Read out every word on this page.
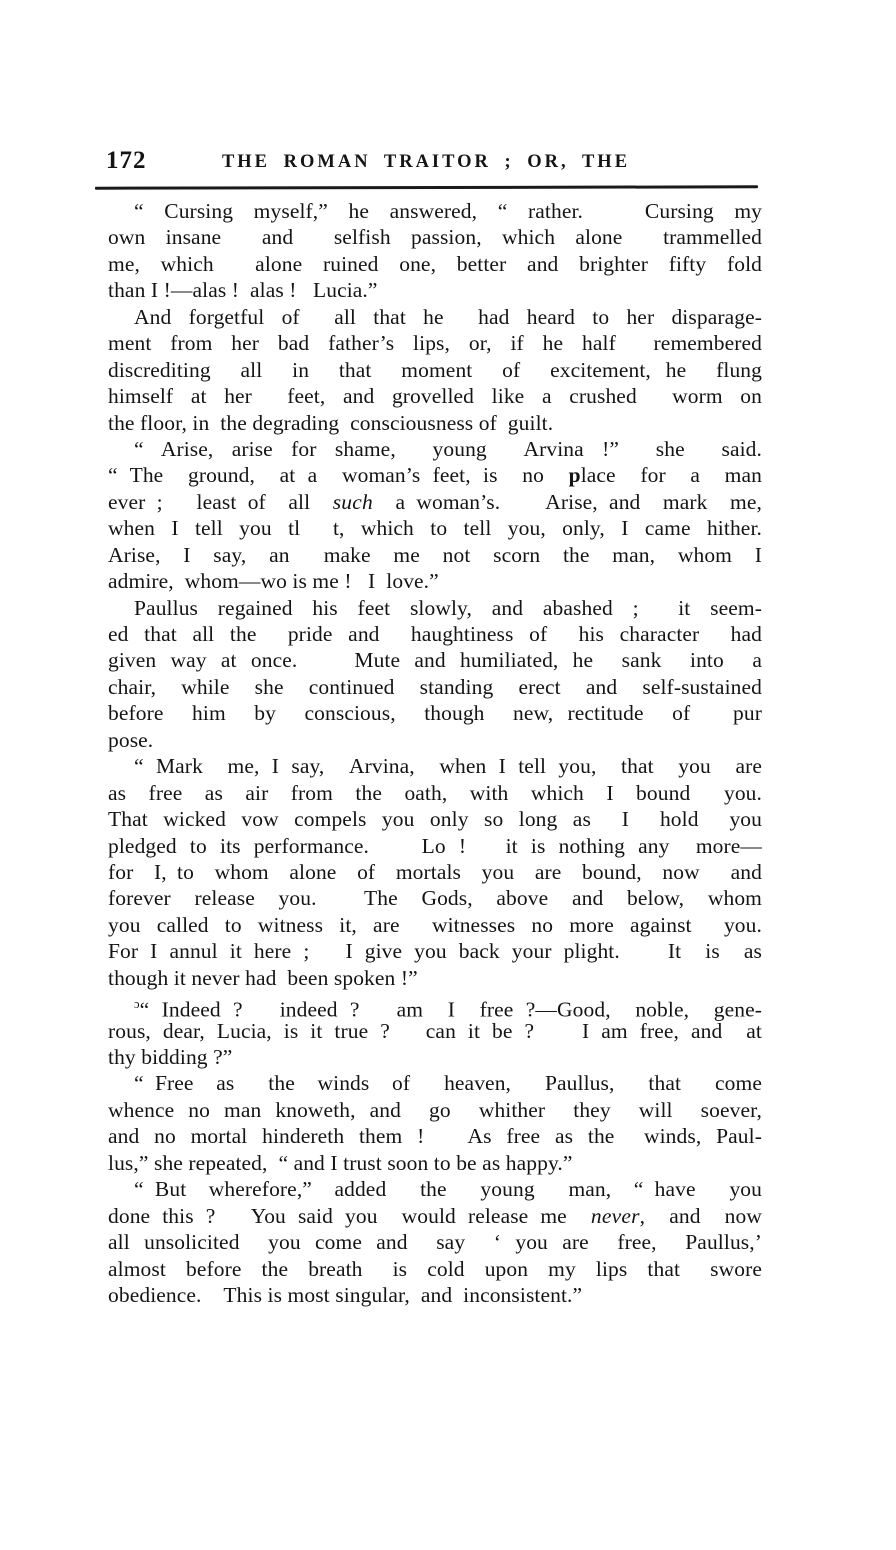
172	THE ROMAN TRAITOR ; OR, THE
“ Cursing myself,” he answered, “ rather.   Cursing my
own insane  and  selfish passion, which alone  trammelled
me, which  alone ruined one, better and brighter fifty fold
than I !—alas !  alas !   Lucia.”
And forgetful of  all that he  had heard to her disparage-
ment from her bad father’s lips, or, if he half  remembered
discrediting  all  in  that  moment  of  excitement, he  flung
himself at her  feet, and grovelled like a crushed  worm on
the floor, in  the degrading  consciousness of  guilt.
“ Arise, arise for shame,  young  Arvina !”  she  said.
“ The  ground,  at a  woman’s feet, is  no  place  for  a  man
ever ;   least of  all  such  a woman’s.    Arise, and  mark  me,
when I tell you tl  t, which to tell you, only, I came hither.
Arise,  I  say,  an   make  me  not  scorn  the  man,  whom  I
admire,  whom—wo is me !   I  love.”
Paullus regained his feet slowly, and abashed ;  it seem-
ed that all the  pride and  haughtiness of  his character  had
given way at once.    Mute and humiliated, he  sank  into  a
chair, while she continued standing erect and self-sustained
before  him  by  conscious,  though  new, rectitude  of   pur
pose.
“ Mark  me, I say,  Arvina,  when I tell you,  that  you  are
as  free  as  air  from  the  oath,  with  which  I  bound   you.
That wicked vow compels you only so long as  I  hold  you
pledged to its performance.    Lo !   it is nothing any  more—
for  I, to  whom  alone  of  mortals  you  are  bound,  now   and
forever  release  you.    The  Gods,  above  and  below,  whom
you called to witness it, are  witnesses no more against  you.
For I annul it here ;   I give you back your plight.    It  is  as
though it never had  been spoken !”
$^ɔ$“ Indeed ?   indeed ?   am  I  free ?—Good,  noble,  gene-
rous, dear, Lucia, is it true ?   can it be ?    I am free, and  at
thy bidding ?”
“ Free  as   the  winds  of   heaven,   Paullus,   that   come
whence no man knoweth, and  go  whither  they  will  soever,
and no mortal hindereth them !   As free as the  winds, Paul-
lus,” she repeated,  “ and I trust soon to be as happy.”
“ But  wherefore,”  added   the   young   man,  “ have   you
done this ?   You said you  would release me  never,  and  now
all unsolicited  you come and  say  ‘ you are  free,  Paullus,’
almost  before  the  breath   is  cold  upon  my  lips  that   swore
obedience.    This is most singular,  and  inconsistent.”
